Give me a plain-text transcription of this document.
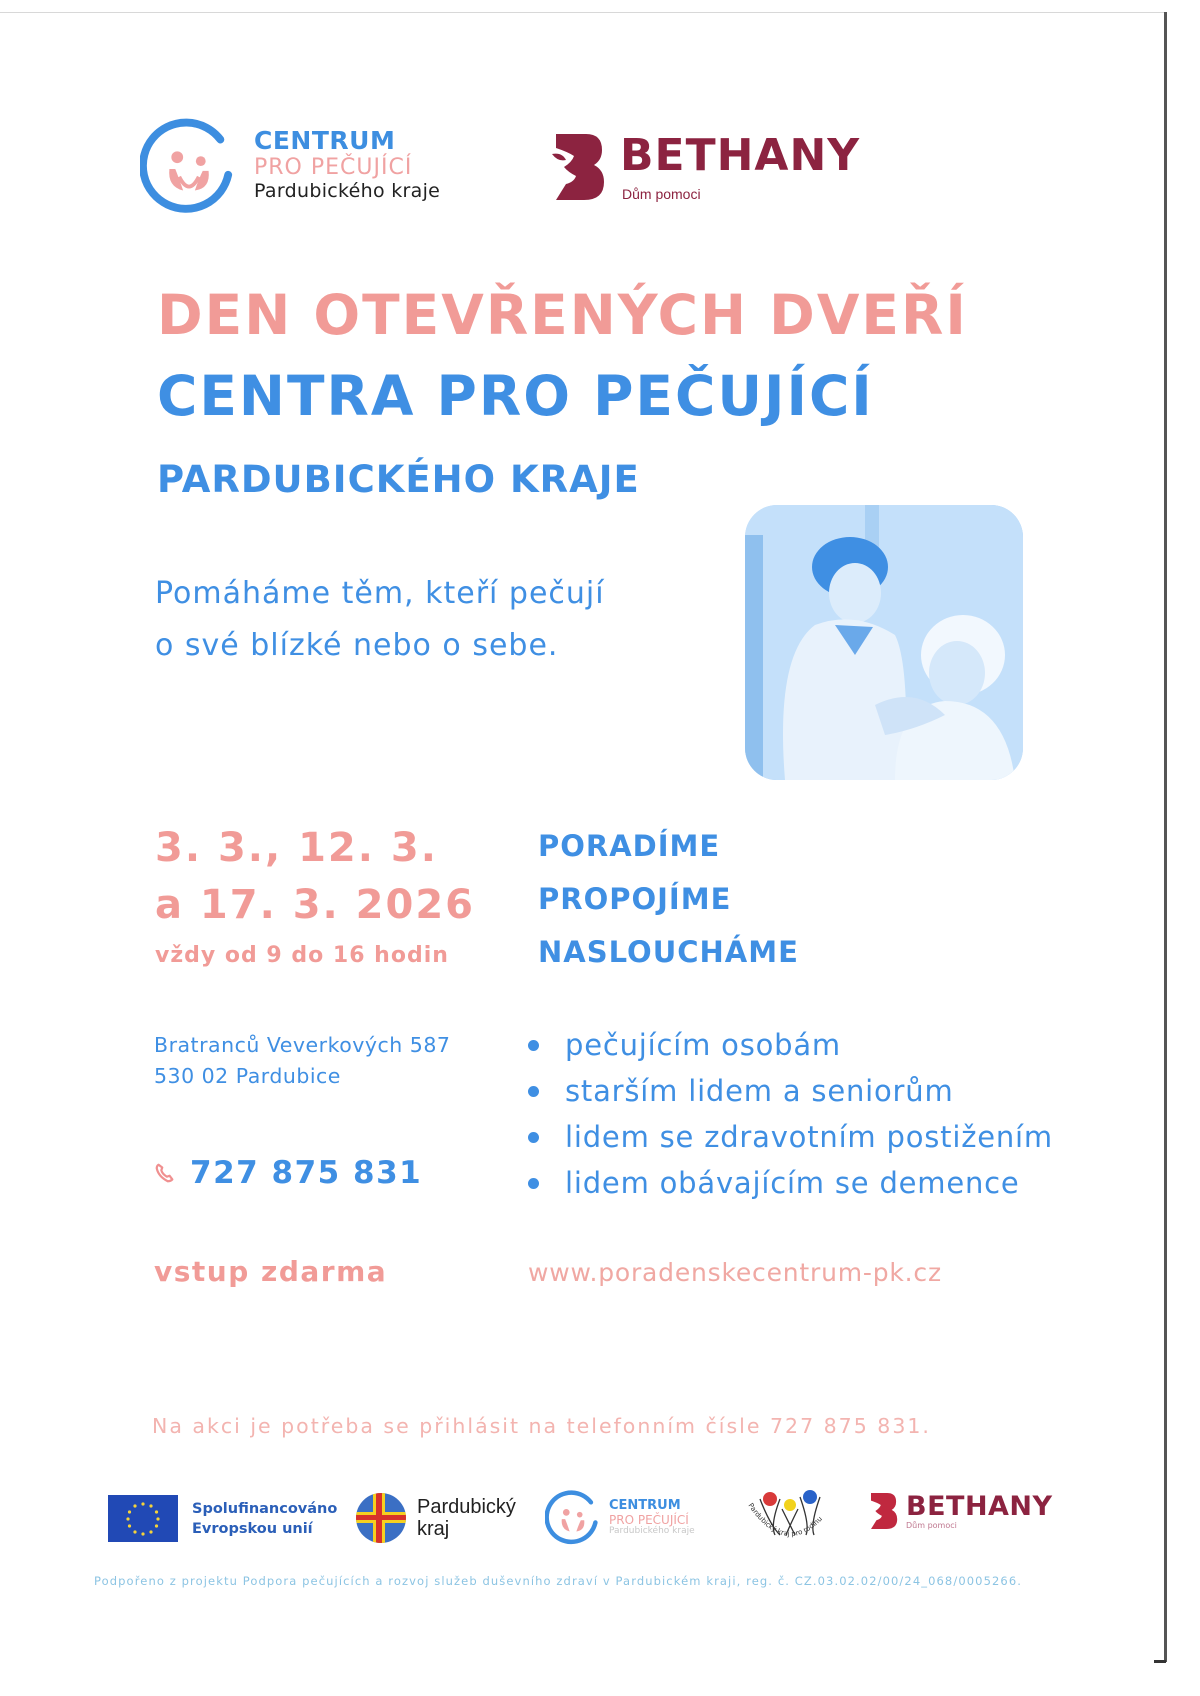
CENTRUM
PRO PEČUJÍCÍ
Pardubického kraje
BETHANY
Dům pomoci
DEN OTEVŘENÝCH DVEŘÍ
CENTRA PRO PEČUJÍCÍ
PARDUBICKÉHO KRAJE
Pomáháme těm, kteří pečují
o své blízké nebo o sebe.
3. 3., 12. 3.
a 17. 3. 2026
vždy od 9 do 16 hodin
PORADÍME
PROPOJÍME
NASLOUCHÁME
Bratranců Veverkových 587
530 02 Pardubice
727 875 831
pečujícím osobám
starším lidem a seniorům
lidem se zdravotním postižením
lidem obávajícím se demence
vstup zdarma	www.poradenskecentrum-pk.cz
Na akci je potřeba se přihlásit na telefonním čísle 727 875 831.
Spolufinancováno
Evropskou unií
Pardubický
kraj
CENTRUM
PRO PEČUJÍCÍ
Pardubického kraje
Pardubický kraj pro rodinu	BETHANY
Dům pomoci
Podpořeno z projektu Podpora pečujících a rozvoj služeb duševního zdraví v Pardubickém kraji, reg. č. CZ.03.02.02/00/24_068/0005266.
